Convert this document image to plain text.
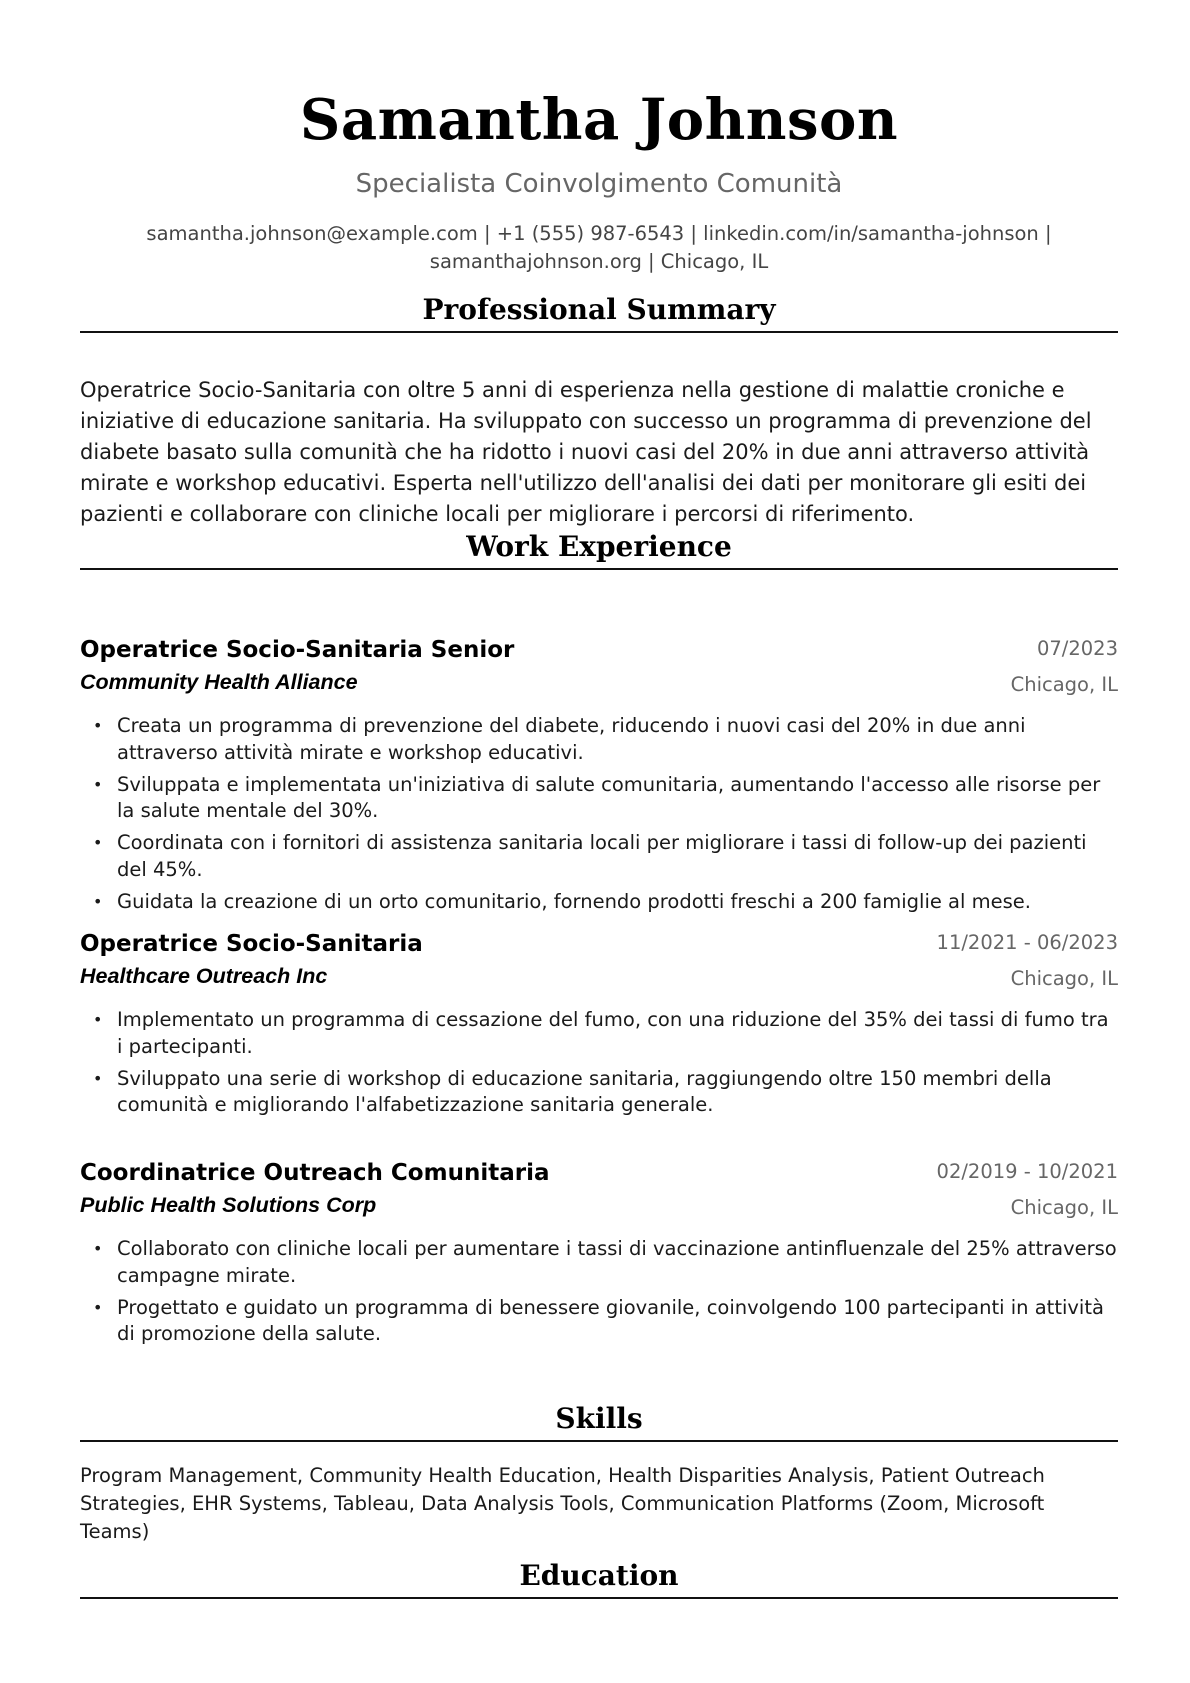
Samantha Johnson
Specialista Coinvolgimento Comunità
samantha.johnson@example.com | +1 (555) 987-6543 | linkedin.com/in/samantha-johnson |
samanthajohnson.org | Chicago, IL
Professional Summary
Operatrice Socio-Sanitaria con oltre 5 anni di esperienza nella gestione di malattie croniche e iniziative di educazione sanitaria. Ha sviluppato con successo un programma di prevenzione del diabete basato sulla comunità che ha ridotto i nuovi casi del 20% in due anni attraverso attività mirate e workshop educativi. Esperta nell'utilizzo dell'analisi dei dati per monitorare gli esiti dei pazienti e collaborare con cliniche locali per migliorare i percorsi di riferimento.
Work Experience
Operatrice Socio-Sanitaria Senior	07/2023
Community Health Alliance	Chicago, IL
• Creata un programma di prevenzione del diabete, riducendo i nuovi casi del 20% in due anni attraverso attività mirate e workshop educativi.
• Sviluppata e implementata un'iniziativa di salute comunitaria, aumentando l'accesso alle risorse per la salute mentale del 30%.
• Coordinata con i fornitori di assistenza sanitaria locali per migliorare i tassi di follow-up dei pazienti del 45%.
• Guidata la creazione di un orto comunitario, fornendo prodotti freschi a 200 famiglie al mese.
Operatrice Socio-Sanitaria	11/2021 - 06/2023
Healthcare Outreach Inc	Chicago, IL
• Implementato un programma di cessazione del fumo, con una riduzione del 35% dei tassi di fumo tra i partecipanti.
• Sviluppato una serie di workshop di educazione sanitaria, raggiungendo oltre 150 membri della comunità e migliorando l'alfabetizzazione sanitaria generale.
Coordinatrice Outreach Comunitaria	02/2019 - 10/2021
Public Health Solutions Corp	Chicago, IL
• Collaborato con cliniche locali per aumentare i tassi di vaccinazione antinfluenzale del 25% attraverso campagne mirate.
• Progettato e guidato un programma di benessere giovanile, coinvolgendo 100 partecipanti in attività di promozione della salute.
Skills
Program Management, Community Health Education, Health Disparities Analysis, Patient Outreach Strategies, EHR Systems, Tableau, Data Analysis Tools, Communication Platforms (Zoom, Microsoft Teams)
Education
